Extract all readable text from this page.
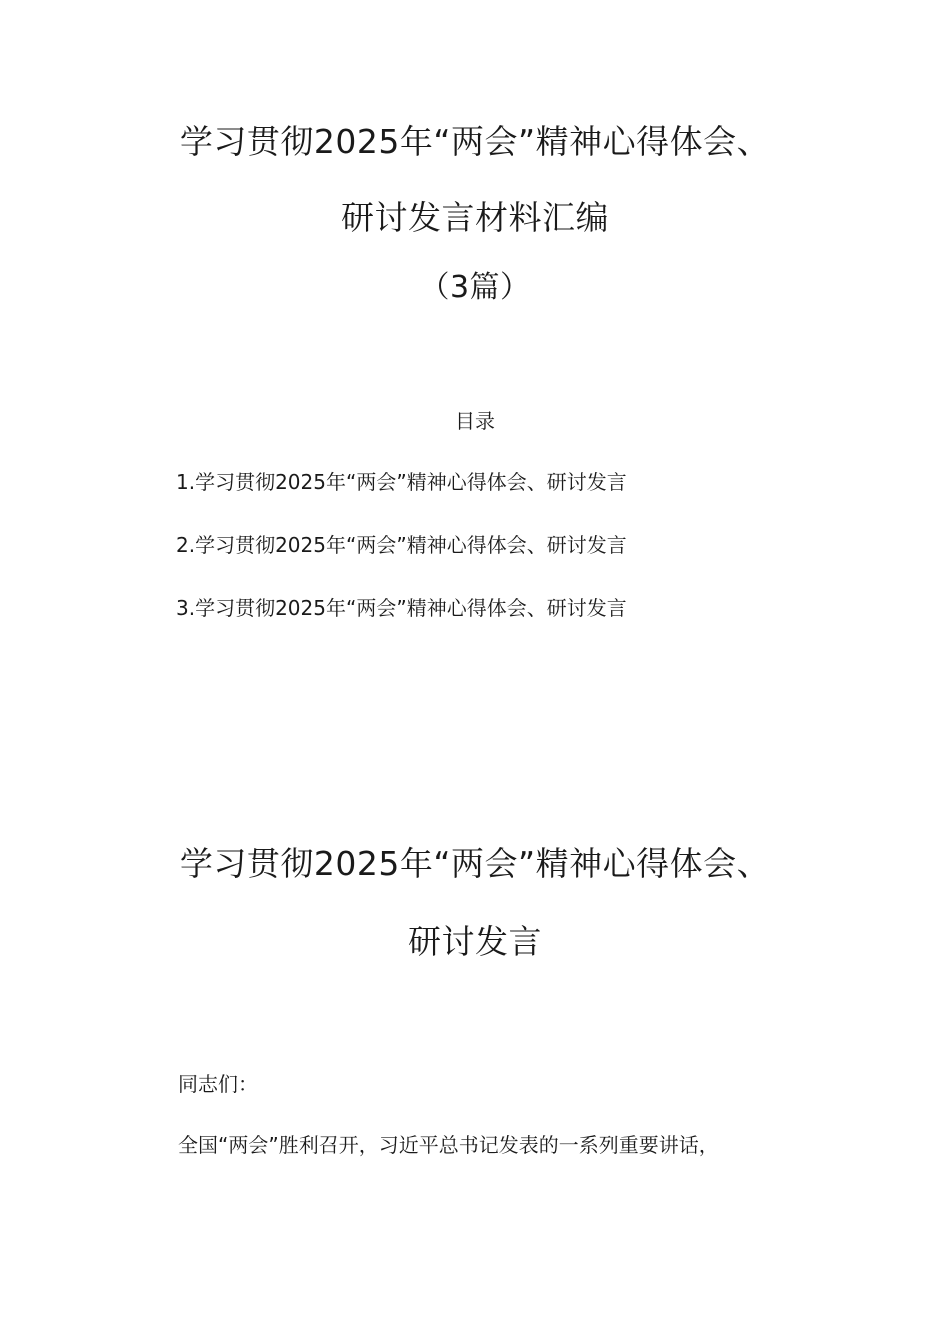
学习贯彻2025年“两会”精神心得体会、
研讨发言材料汇编
（3篇）
目录
1.学习贯彻2025年“两会”精神心得体会、研讨发言
2.学习贯彻2025年“两会”精神心得体会、研讨发言
3.学习贯彻2025年“两会”精神心得体会、研讨发言
学习贯彻2025年“两会”精神心得体会、
研讨发言
同志们：
全国“两会”胜利召开，习近平总书记发表的一系列重要讲话，
